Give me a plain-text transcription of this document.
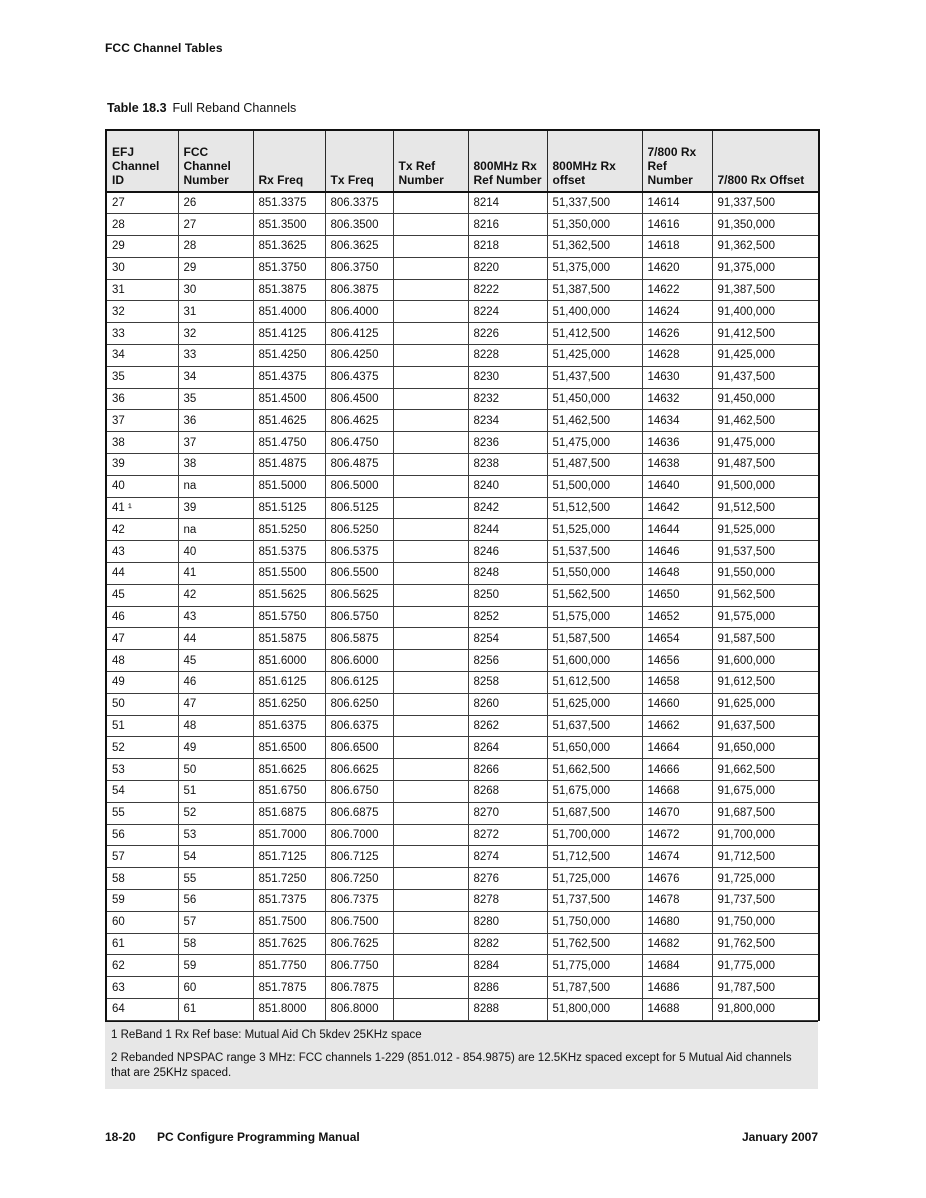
FCC Channel Tables
Table 18.3 Full Reband Channels
EFJ Channel ID	FCC Channel Number	Rx Freq	Tx Freq	Tx Ref Number	800MHz Rx Ref Number	800MHz Rx offset	7/800 Rx Ref Number	7/800 Rx Offset
27	26	851.3375	806.3375		8214	51,337,500	14614	91,337,500
28	27	851.3500	806.3500		8216	51,350,000	14616	91,350,000
29	28	851.3625	806.3625		8218	51,362,500	14618	91,362,500
30	29	851.3750	806.3750		8220	51,375,000	14620	91,375,000
31	30	851.3875	806.3875		8222	51,387,500	14622	91,387,500
32	31	851.4000	806.4000		8224	51,400,000	14624	91,400,000
33	32	851.4125	806.4125		8226	51,412,500	14626	91,412,500
34	33	851.4250	806.4250		8228	51,425,000	14628	91,425,000
35	34	851.4375	806.4375		8230	51,437,500	14630	91,437,500
36	35	851.4500	806.4500		8232	51,450,000	14632	91,450,000
37	36	851.4625	806.4625		8234	51,462,500	14634	91,462,500
38	37	851.4750	806.4750		8236	51,475,000	14636	91,475,000
39	38	851.4875	806.4875		8238	51,487,500	14638	91,487,500
40	na	851.5000	806.5000		8240	51,500,000	14640	91,500,000
41 ¹	39	851.5125	806.5125		8242	51,512,500	14642	91,512,500
42	na	851.5250	806.5250		8244	51,525,000	14644	91,525,000
43	40	851.5375	806.5375		8246	51,537,500	14646	91,537,500
44	41	851.5500	806.5500		8248	51,550,000	14648	91,550,000
45	42	851.5625	806.5625		8250	51,562,500	14650	91,562,500
46	43	851.5750	806.5750		8252	51,575,000	14652	91,575,000
47	44	851.5875	806.5875		8254	51,587,500	14654	91,587,500
48	45	851.6000	806.6000		8256	51,600,000	14656	91,600,000
49	46	851.6125	806.6125		8258	51,612,500	14658	91,612,500
50	47	851.6250	806.6250		8260	51,625,000	14660	91,625,000
51	48	851.6375	806.6375		8262	51,637,500	14662	91,637,500
52	49	851.6500	806.6500		8264	51,650,000	14664	91,650,000
53	50	851.6625	806.6625		8266	51,662,500	14666	91,662,500
54	51	851.6750	806.6750		8268	51,675,000	14668	91,675,000
55	52	851.6875	806.6875		8270	51,687,500	14670	91,687,500
56	53	851.7000	806.7000		8272	51,700,000	14672	91,700,000
57	54	851.7125	806.7125		8274	51,712,500	14674	91,712,500
58	55	851.7250	806.7250		8276	51,725,000	14676	91,725,000
59	56	851.7375	806.7375		8278	51,737,500	14678	91,737,500
60	57	851.7500	806.7500		8280	51,750,000	14680	91,750,000
61	58	851.7625	806.7625		8282	51,762,500	14682	91,762,500
62	59	851.7750	806.7750		8284	51,775,000	14684	91,775,000
63	60	851.7875	806.7875		8286	51,787,500	14686	91,787,500
64	61	851.8000	806.8000		8288	51,800,000	14688	91,800,000
1 ReBand 1 Rx Ref base: Mutual Aid Ch 5kdev 25KHz space
2 Rebanded NPSPAC range 3 MHz: FCC channels 1-229 (851.012 - 854.9875) are 12.5KHz spaced except for 5 Mutual Aid channels that are 25KHz spaced.
18-20 PC Configure Programming Manual	January 2007
